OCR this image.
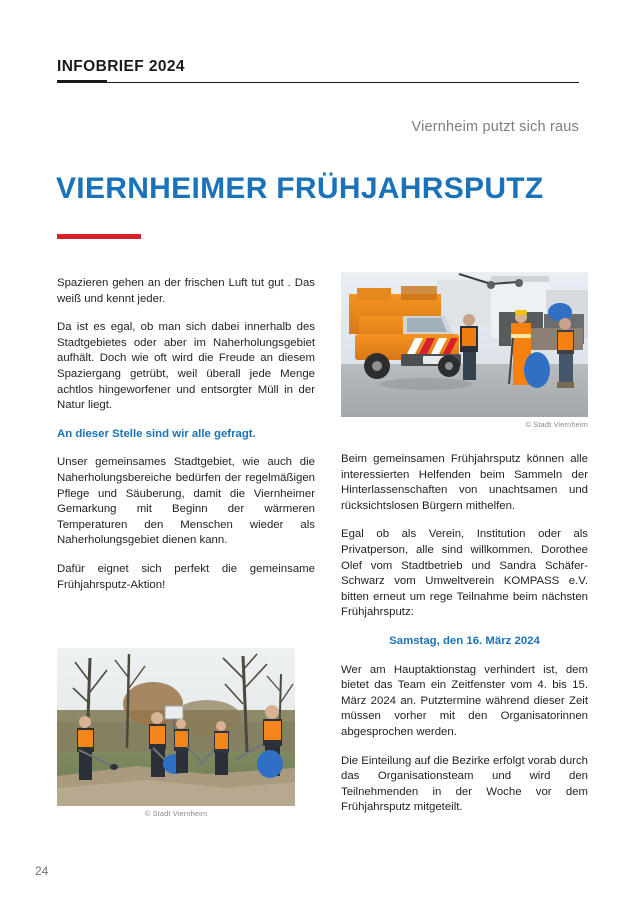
INFOBRIEF 2024
Viernheim putzt sich raus
VIERNHEIMER FRÜHJAHRSPUTZ
© Stadt Viernheim

Spazieren gehen an der frischen Luft tut gut . Das weiß und kennt jeder.

Da ist es egal, ob man sich dabei innerhalb des Stadtgebietes oder aber im Naherholungsgebiet aufhält. Doch wie oft wird die Freude an diesem Spaziergang getrübt, weil überall jede Menge achtlos hingeworfener und entsorgter Müll in der Natur liegt.

An dieser Stelle sind wir alle gefragt.

Unser gemeinsames Stadtgebiet, wie auch die Naherholungsbereiche bedürfen der regelmäßigen Pflege und Säuberung, damit die Viernheimer Gemarkung mit Beginn der wärmeren Temperaturen den Menschen wieder als Naherholungsgebiet dienen kann.

Dafür eignet sich perfekt die gemeinsame Frühjahrsputz-Aktion!

Beim gemeinsamen Frühjahrsputz können alle interessierten Helfenden beim Sammeln der Hinterlassenschaften von unachtsamen und rücksichtslosen Bürgern mithelfen.

Egal ob als Verein, Institution oder als Privatperson, alle sind willkommen. Dorothee Olef vom Stadtbetrieb und Sandra Schäfer-Schwarz vom Umweltverein KOMPASS e.V. bitten erneut um rege Teilnahme beim nächsten Frühjahrsputz:

Samstag, den 16. März 2024

Wer am Hauptaktionstag verhindert ist, dem bietet das Team ein Zeitfenster vom 4. bis 15. März 2024 an. Putztermine während dieser Zeit müssen vorher mit den Organisatorinnen abgesprochen werden.

Die Einteilung auf die Bezirke erfolgt vorab durch das Organisationsteam und wird den Teilnehmenden in der Woche vor dem Frühjahrsputz mitgeteilt.

© Stadt Viernheim
24
